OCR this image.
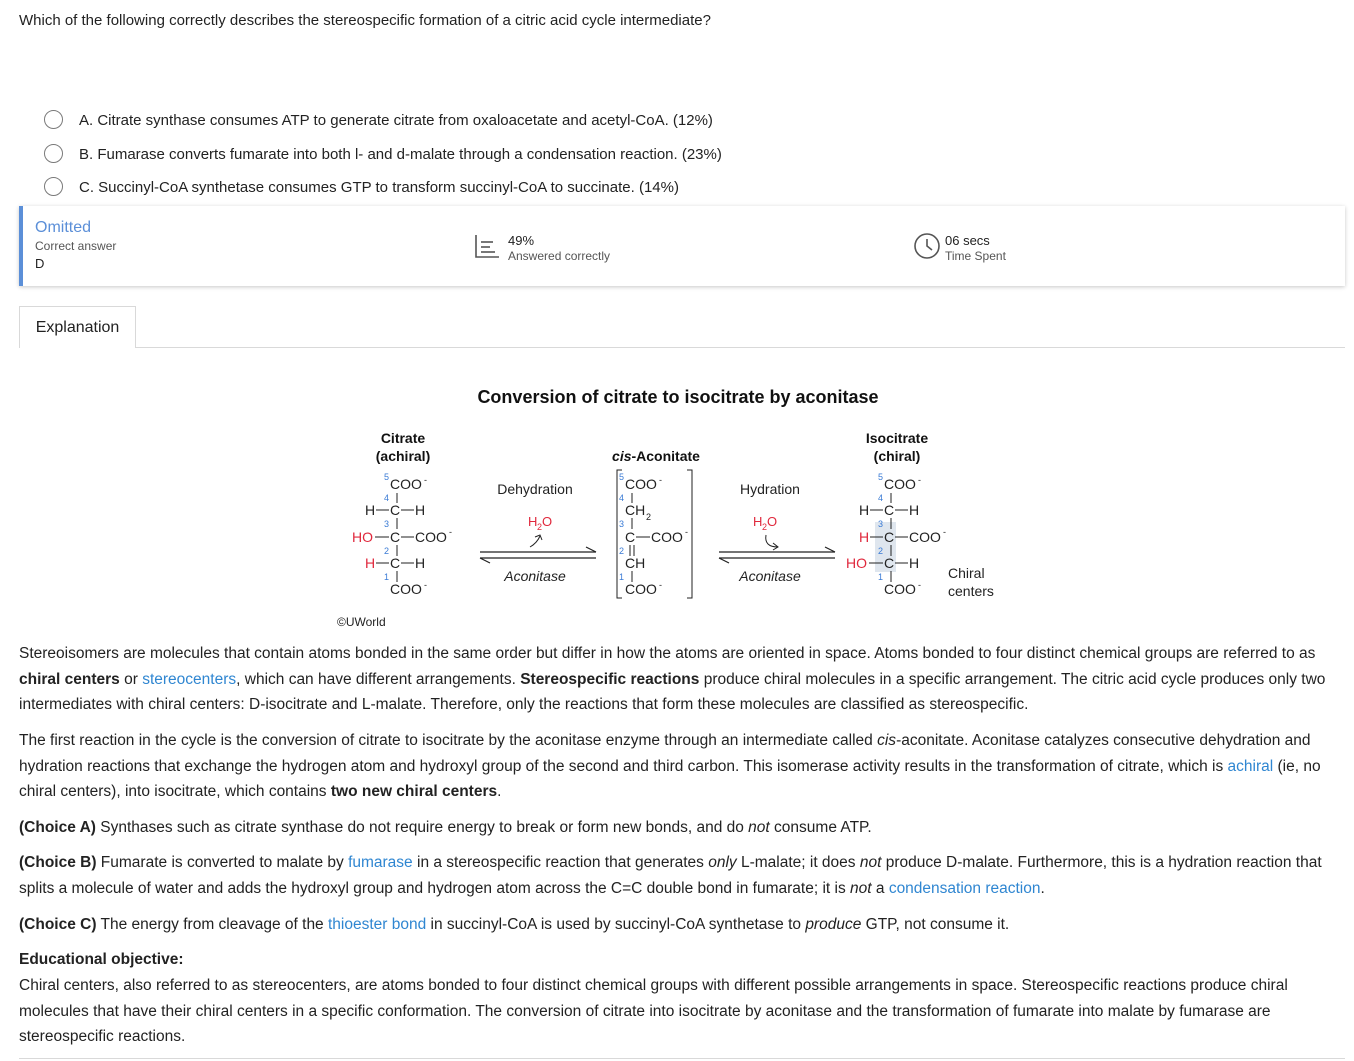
Which of the following correctly describes the stereospecific formation of a citric acid cycle intermediate?
A. Citrate synthase consumes ATP to generate citrate from oxaloacetate and acetyl-CoA. (12%)
B. Fumarase converts fumarate into both l- and d-malate through a condensation reaction. (23%)
C. Succinyl-CoA synthetase consumes GTP to transform succinyl-CoA to succinate. (14%)
Omitted
Correct answer
D
49%
Answered correctly
06 secs
Time Spent
Explanation
Conversion of citrate to isocitrate by aconitase
Citrate
(achiral)
5 COO -
4
H C H
3
HO C COO -
2
H C H
1
COO -
Dehydration
H 2 O
Aconitase
cis-Aconitate
5 COO -
4
CH 2
3
C COO -
2
CH
1
COO -
Hydration
H 2 O
Aconitase
Isocitrate
(chiral)
5 COO -
4
H C H
3
H C COO -
2
HO C H
1
COO -
Chiral
centers
©UWorld
Stereoisomers are molecules that contain atoms bonded in the same order but differ in how the atoms are oriented in space. Atoms bonded to four distinct chemical groups are referred to as chiral centers or stereocenters, which can have different arrangements. Stereospecific reactions produce chiral molecules in a specific arrangement. The citric acid cycle produces only two intermediates with chiral centers: D-isocitrate and L-malate. Therefore, only the reactions that form these molecules are classified as stereospecific.
The first reaction in the cycle is the conversion of citrate to isocitrate by the aconitase enzyme through an intermediate called cis-aconitate. Aconitase catalyzes consecutive dehydration and hydration reactions that exchange the hydrogen atom and hydroxyl group of the second and third carbon. This isomerase activity results in the transformation of citrate, which is achiral (ie, no chiral centers), into isocitrate, which contains two new chiral centers.
(Choice A) Synthases such as citrate synthase do not require energy to break or form new bonds, and do not consume ATP.
(Choice B) Fumarate is converted to malate by fumarase in a stereospecific reaction that generates only L-malate; it does not produce D-malate. Furthermore, this is a hydration reaction that splits a molecule of water and adds the hydroxyl group and hydrogen atom across the C=C double bond in fumarate; it is not a condensation reaction.
(Choice C) The energy from cleavage of the thioester bond in succinyl-CoA is used by succinyl-CoA synthetase to produce GTP, not consume it.
Educational objective:
Chiral centers, also referred to as stereocenters, are atoms bonded to four distinct chemical groups with different possible arrangements in space. Stereospecific reactions produce chiral molecules that have their chiral centers in a specific conformation. The conversion of citrate into isocitrate by aconitase and the transformation of fumarate into malate by fumarase are stereospecific reactions.
